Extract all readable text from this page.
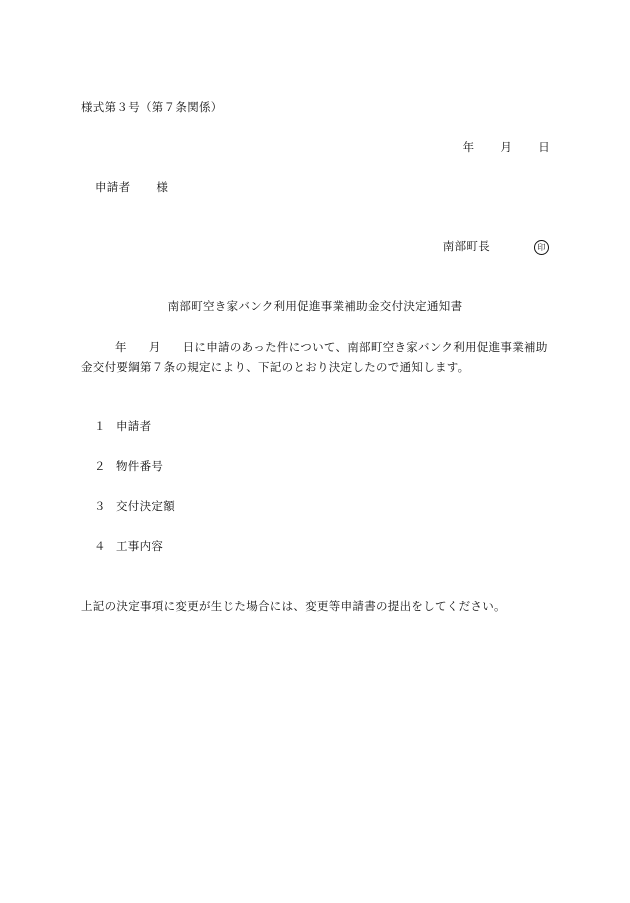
様式第３号（第７条関係）
年 月 日
申請者 様
南部町長	印
南部町空き家バンク利用促進事業補助金交付決定通知書
年 月 日に申請のあった件について、南部町空き家バンク利用促進事業補助金交付要綱第７条の規定により、下記のとおり決定したので通知します。
１ 申請者
２ 物件番号
３ 交付決定額
４ 工事内容
上記の決定事項に変更が生じた場合には、変更等申請書の提出をしてください。
